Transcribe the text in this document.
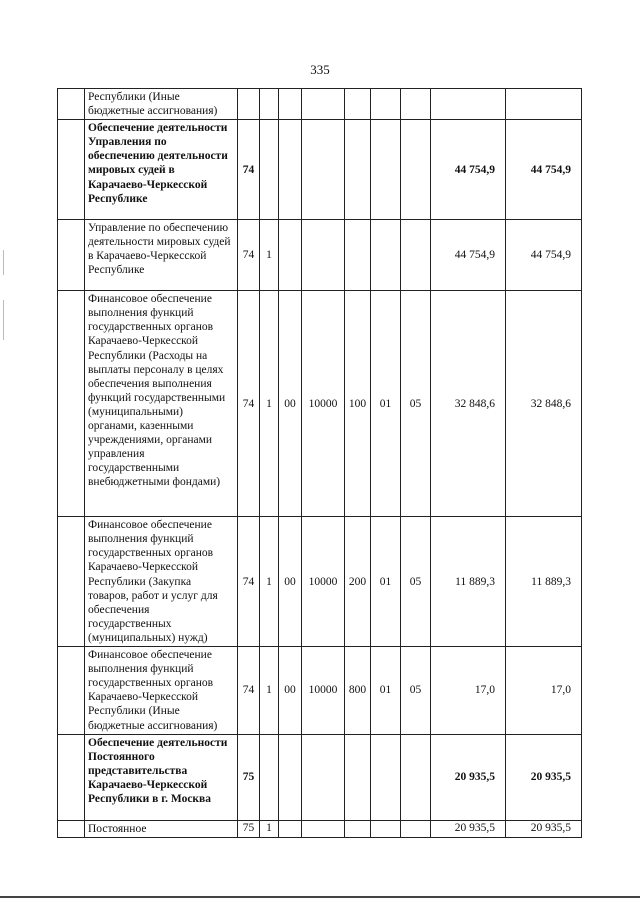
335
	Республики (Иные бюджетные ассигнования)									
	Обеспечение деятельности Управления по обеспечению деятельности мировых судей в Карачаево-Черкесской Республике	74							44 754,9	44 754,9
	Управление по обеспечению деятельности мировых судей в Карачаево-Черкесской Республике	74	1						44 754,9	44 754,9
	Финансовое обеспечение выполнения функций государственных органов Карачаево-Черкесской Республики (Расходы на выплаты персоналу в целях обеспечения выполнения функций государственными (муниципальными) органами, казенными учреждениями, органами управления государственными внебюджетными фондами)	74	1	00	10000	100	01	05	32 848,6	32 848,6
	Финансовое обеспечение выполнения функций государственных органов Карачаево-Черкесской Республики (Закупка товаров, работ и услуг для обеспечения государственных (муниципальных) нужд)	74	1	00	10000	200	01	05	11 889,3	11 889,3
	Финансовое обеспечение выполнения функций государственных органов Карачаево-Черкесской Республики (Иные бюджетные ассигнования)	74	1	00	10000	800	01	05	17,0	17,0
	Обеспечение деятельности Постоянного представительства Карачаево-Черкесской Республики в г. Москва	75							20 935,5	20 935,5
	Постоянное	75	1						20 935,5	20 935,5
